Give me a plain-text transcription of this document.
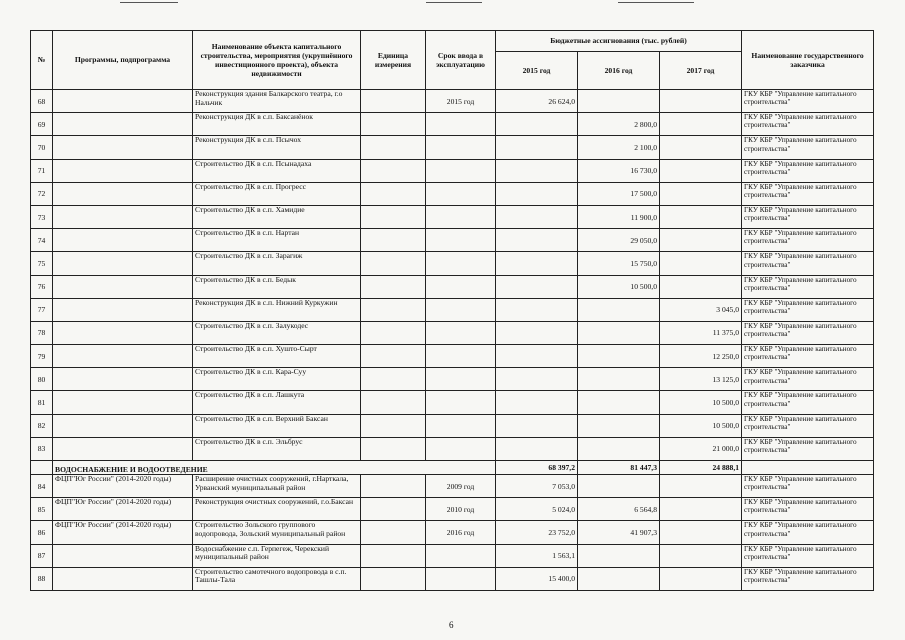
№	Программы, подпрограмма	Наименование объекта капитального строительства, мероприятия (укрупнённого инвестиционного проекта), объекта недвижимости	Единица измерения	Срок ввода в эксплуатацию	Бюджетные ассигнования (тыс. рублей)			Наименование государственного заказчика
					2015 год	2016 год	2017 год	
68		Реконструкция здания Балкарского театра, г.о Нальчик		2015 год	26 624,0			ГКУ КБР "Управление капитального строительства"
69		Реконструкция ДК в с.п. Бaксанёнок				2 800,0		ГКУ КБР "Управление капитального строительства"
70		Реконструкция ДК в с.п. Псычох				2 100,0		ГКУ КБР "Управление капитального строительства"
71		Строительство ДК в с.п. Псынадаха				16 730,0		ГКУ КБР "Управление капитального строительства"
72		Строительство ДК в с.п. Прогресс				17 500,0		ГКУ КБР "Управление капитального строительства"
73		Строительство ДК в с.п. Хамидие				11 900,0		ГКУ КБР "Управление капитального строительства"
74		Строительство ДК в с.п. Нартан				29 050,0		ГКУ КБР "Управление капитального строительства"
75		Строительство ДК в с.п. Зарагиж				15 750,0		ГКУ КБР "Управление капитального строительства"
76		Строительство ДК в с.п. Бедык				10 500,0		ГКУ КБР "Управление капитального строительства"
77		Реконструкция ДК в с.п. Нижний Куркужин					3 045,0	ГКУ КБР "Управление капитального строительства"
78		Строительство ДК в с.п. Залукодес					11 375,0	ГКУ КБР "Управление капитального строительства"
79		Строительство ДК в с.п. Хушто-Сырт					12 250,0	ГКУ КБР "Управление капитального строительства"
80		Строительство ДК в с.п. Кара-Суу					13 125,0	ГКУ КБР "Управление капитального строительства"
81		Строительство ДК в с.п. Лашкута					10 500,0	ГКУ КБР "Управление капитального строительства"
82		Строительство ДК в с.п. Верхний Баксан					10 500,0	ГКУ КБР "Управление капитального строительства"
83		Строительство ДК в с.п. Эльбрус					21 000,0	ГКУ КБР "Управление капитального строительства"
	ВОДОСНАБЖЕНИЕ И ВОДООТВЕДЕНИЕ				68 397,2	81 447,3	24 888,1	
84	ФЦП"Юг России" (2014-2020 годы)	Расширение очистных сооружений, г.Нарткала, Урванский муниципальный район		2009 год	7 053,0			ГКУ КБР "Управление капитального строительства"
85	ФЦП"Юг России" (2014-2020 годы)	Реконструкция очистных сооружений, г.о.Баксан		2010 год	5 024,0	6 564,8		ГКУ КБР "Управление капитального строительства"
86	ФЦП"Юг России" (2014-2020 годы)	Строительство Зольского группового водопровода, Зольский муниципальный район		2016 год	23 752,0	41 907,3		ГКУ КБР "Управление капитального строительства"
87		Водоснабжение с.п. Герпегеж, Черекский муниципальный район			1 563,1			ГКУ КБР "Управление капитального строительства"
88		Строительство самотечного водопровода в с.п. Ташлы-Тала			15 400,0			ГКУ КБР "Управление капитального строительства"
6
